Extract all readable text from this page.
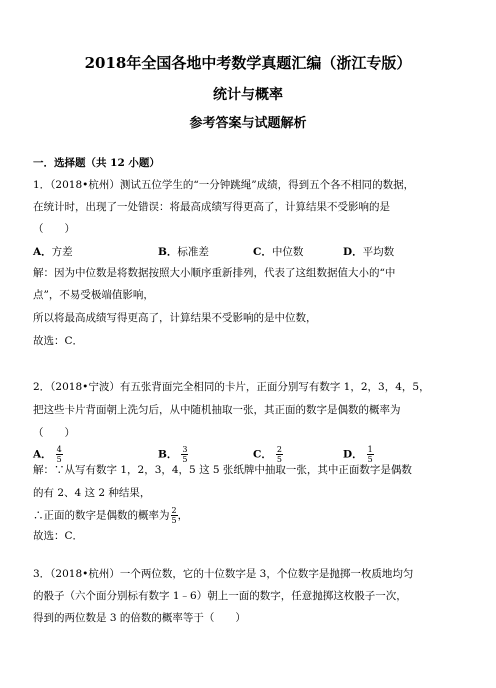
2018年全国各地中考数学真题汇编（浙江专版）
统计与概率
参考答案与试题解析
一．选择题（共 12 小题）
1．（2018•杭州）测试五位学生的“一分钟跳绳”成绩，得到五个各不相同的数据，
在统计时，出现了一处错误：将最高成绩写得更高了，计算结果不受影响的是
（　　）
A．方差	B．标准差	C．中位数	D．平均数
解：因为中位数是将数据按照大小顺序重新排列，代表了这组数据值大小的“中
点”，不易受极端值影响，
所以将最高成绩写得更高了，计算结果不受影响的是中位数，
故选：C．
2．（2018•宁波）有五张背面完全相同的卡片，正面分别写有数字 1，2，3，4，5，
把这些卡片背面朝上洗匀后，从中随机抽取一张，其正面的数字是偶数的概率为
（　　）
A． $\frac{4}{5}$	B． $\frac{3}{5}$	C． $\frac{2}{5}$	D． $\frac{1}{5}$
解：∵从写有数字 1，2，3，4，5 这 5 张纸牌中抽取一张，其中正面数字是偶数
的有 2、4 这 2 种结果，
∴正面的数字是偶数的概率为 $\frac{2}{5}$ ，
故选：C．
3．（2018•杭州）一个两位数，它的十位数字是 3，个位数字是抛掷一枚质地均匀
的骰子（六个面分别标有数字 1﹣6）朝上一面的数字，任意抛掷这枚骰子一次，
得到的两位数是 3 的倍数的概率等于（　　）
